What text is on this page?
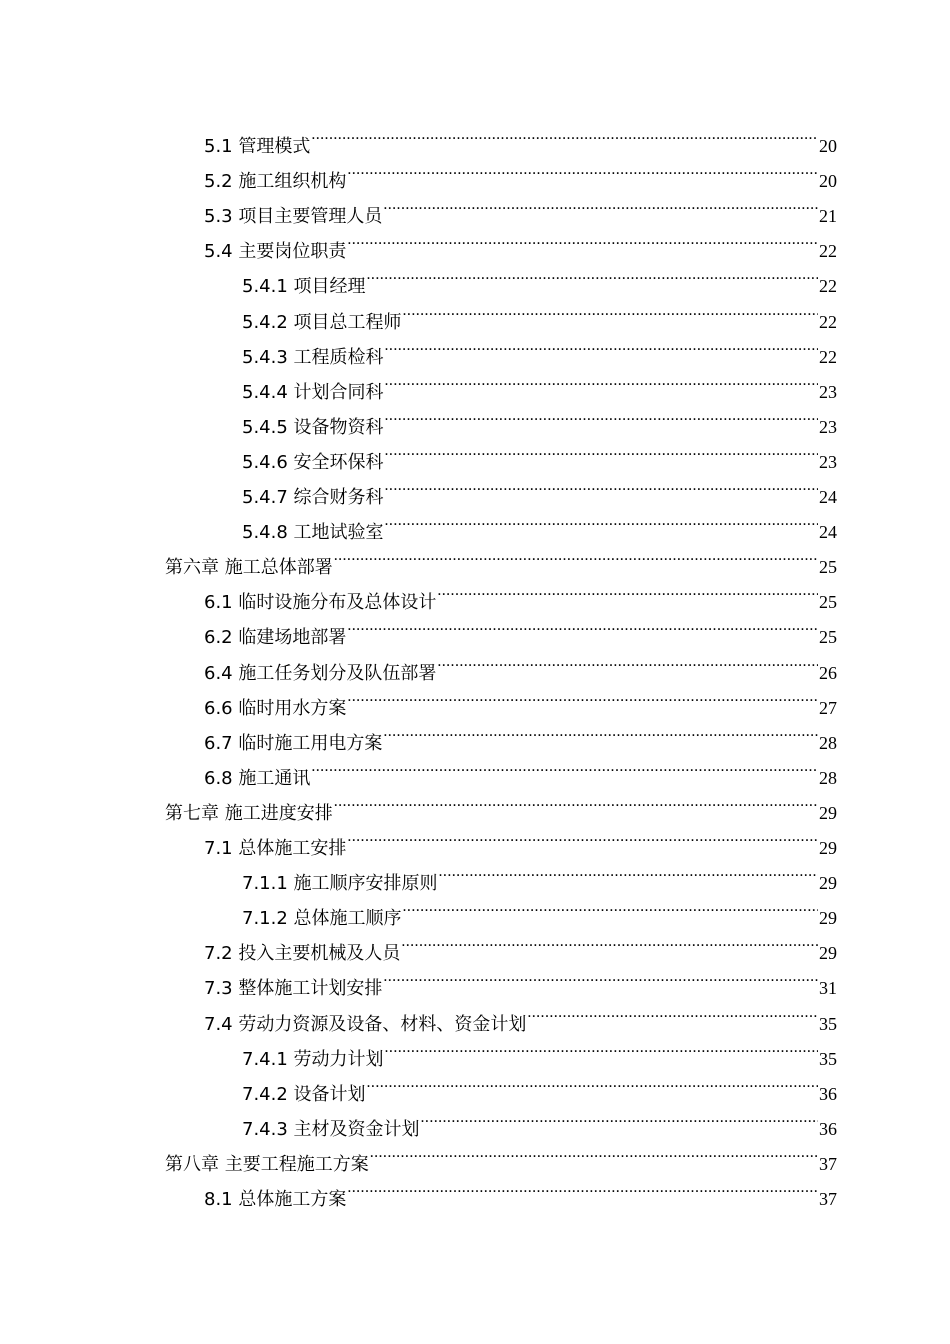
5.1 管理模式 .....	20
5.2 施工组织机构 .....	20
5.3 项目主要管理人员 .....	21
5.4 主要岗位职责 .....	22
5.4.1 项目经理 .....	22
5.4.2 项目总工程师 .....	22
5.4.3 工程质检科 .....	22
5.4.4 计划合同科 .....	23
5.4.5 设备物资科 .....	23
5.4.6 安全环保科 .....	23
5.4.7 综合财务科 .....	24
5.4.8 工地试验室 .....	24
第六章 施工总体部署 .....	25
6.1 临时设施分布及总体设计 .....	25
6.2 临建场地部署 .....	25
6.4 施工任务划分及队伍部署 .....	26
6.6 临时用水方案 .....	27
6.7 临时施工用电方案 .....	28
6.8 施工通讯 .....	28
第七章 施工进度安排 .....	29
7.1 总体施工安排 .....	29
7.1.1 施工顺序安排原则 .....	29
7.1.2 总体施工顺序 .....	29
7.2 投入主要机械及人员 .....	29
7.3 整体施工计划安排 .....	31
7.4 劳动力资源及设备、材料、资金计划 .....	35
7.4.1 劳动力计划 .....	35
7.4.2 设备计划 .....	36
7.4.3 主材及资金计划 .....	36
第八章 主要工程施工方案 .....	37
8.1 总体施工方案 .....	37
